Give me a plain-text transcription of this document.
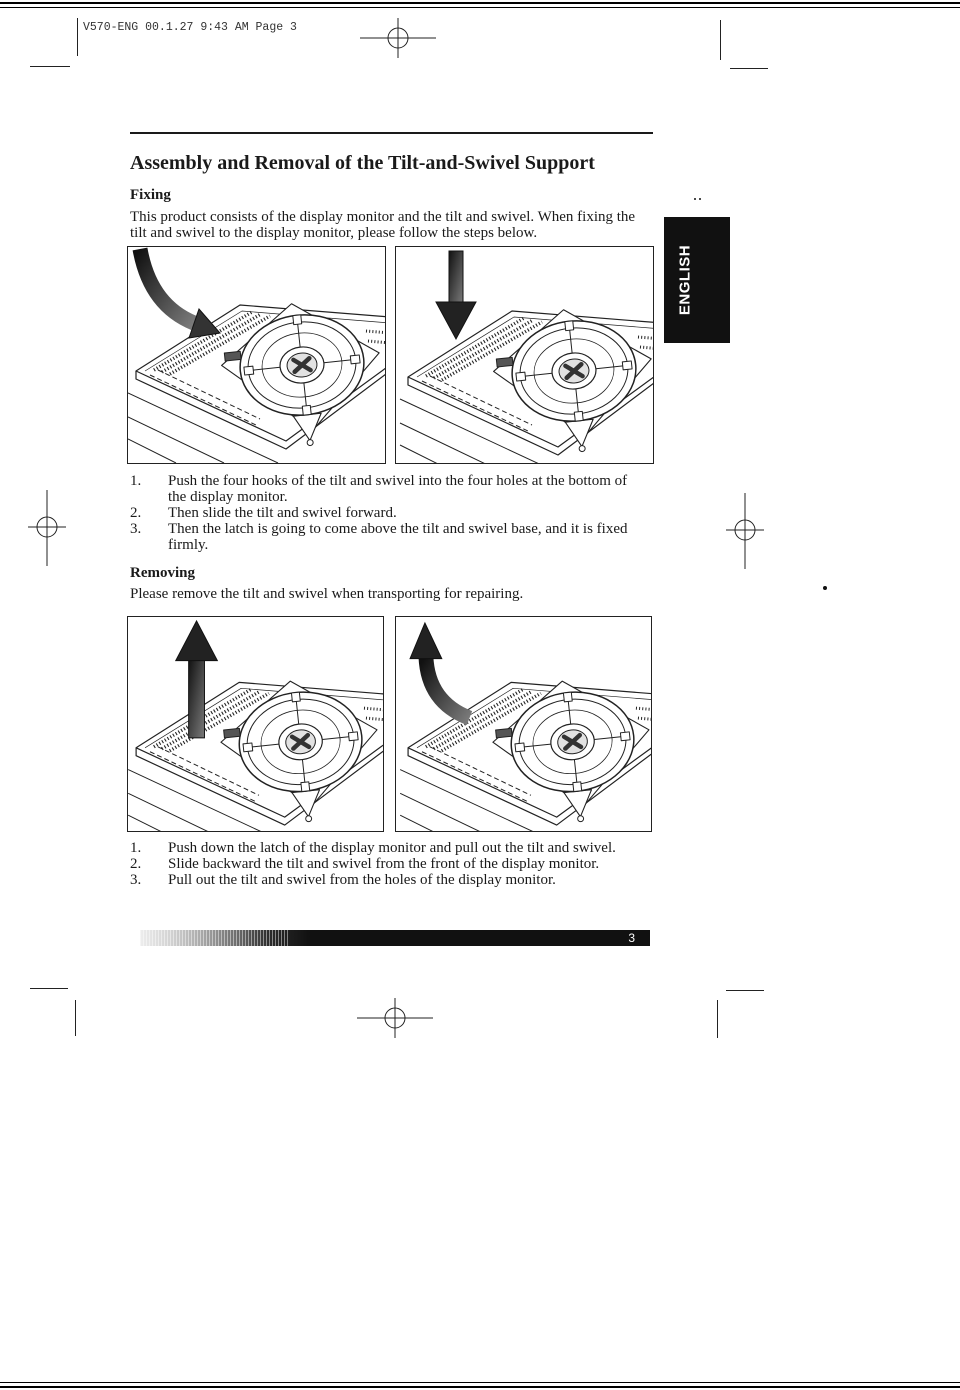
V570-ENG 00.1.27 9:43 AM Page 3
Assembly and Removal of the Tilt-and-Swivel Support
ENGLISH
Fixing
This product consists of the display monitor and the tilt and swivel. When fixing the tilt and swivel to the display monitor, please follow the steps below.
1.	Push the four hooks of the tilt and swivel into the four holes at the bottom of the display monitor.
2.	Then slide the tilt and swivel forward.
3.	Then the latch is going to come above the tilt and swivel base, and it is fixed firmly.
Removing
Please remove the tilt and swivel when transporting for repairing.
1.	Push down the latch of the display monitor and pull out the tilt and swivel.
2.	Slide backward the tilt and swivel from the front of the display monitor.
3.	Pull out the tilt and swivel from the holes of the display monitor.
3
